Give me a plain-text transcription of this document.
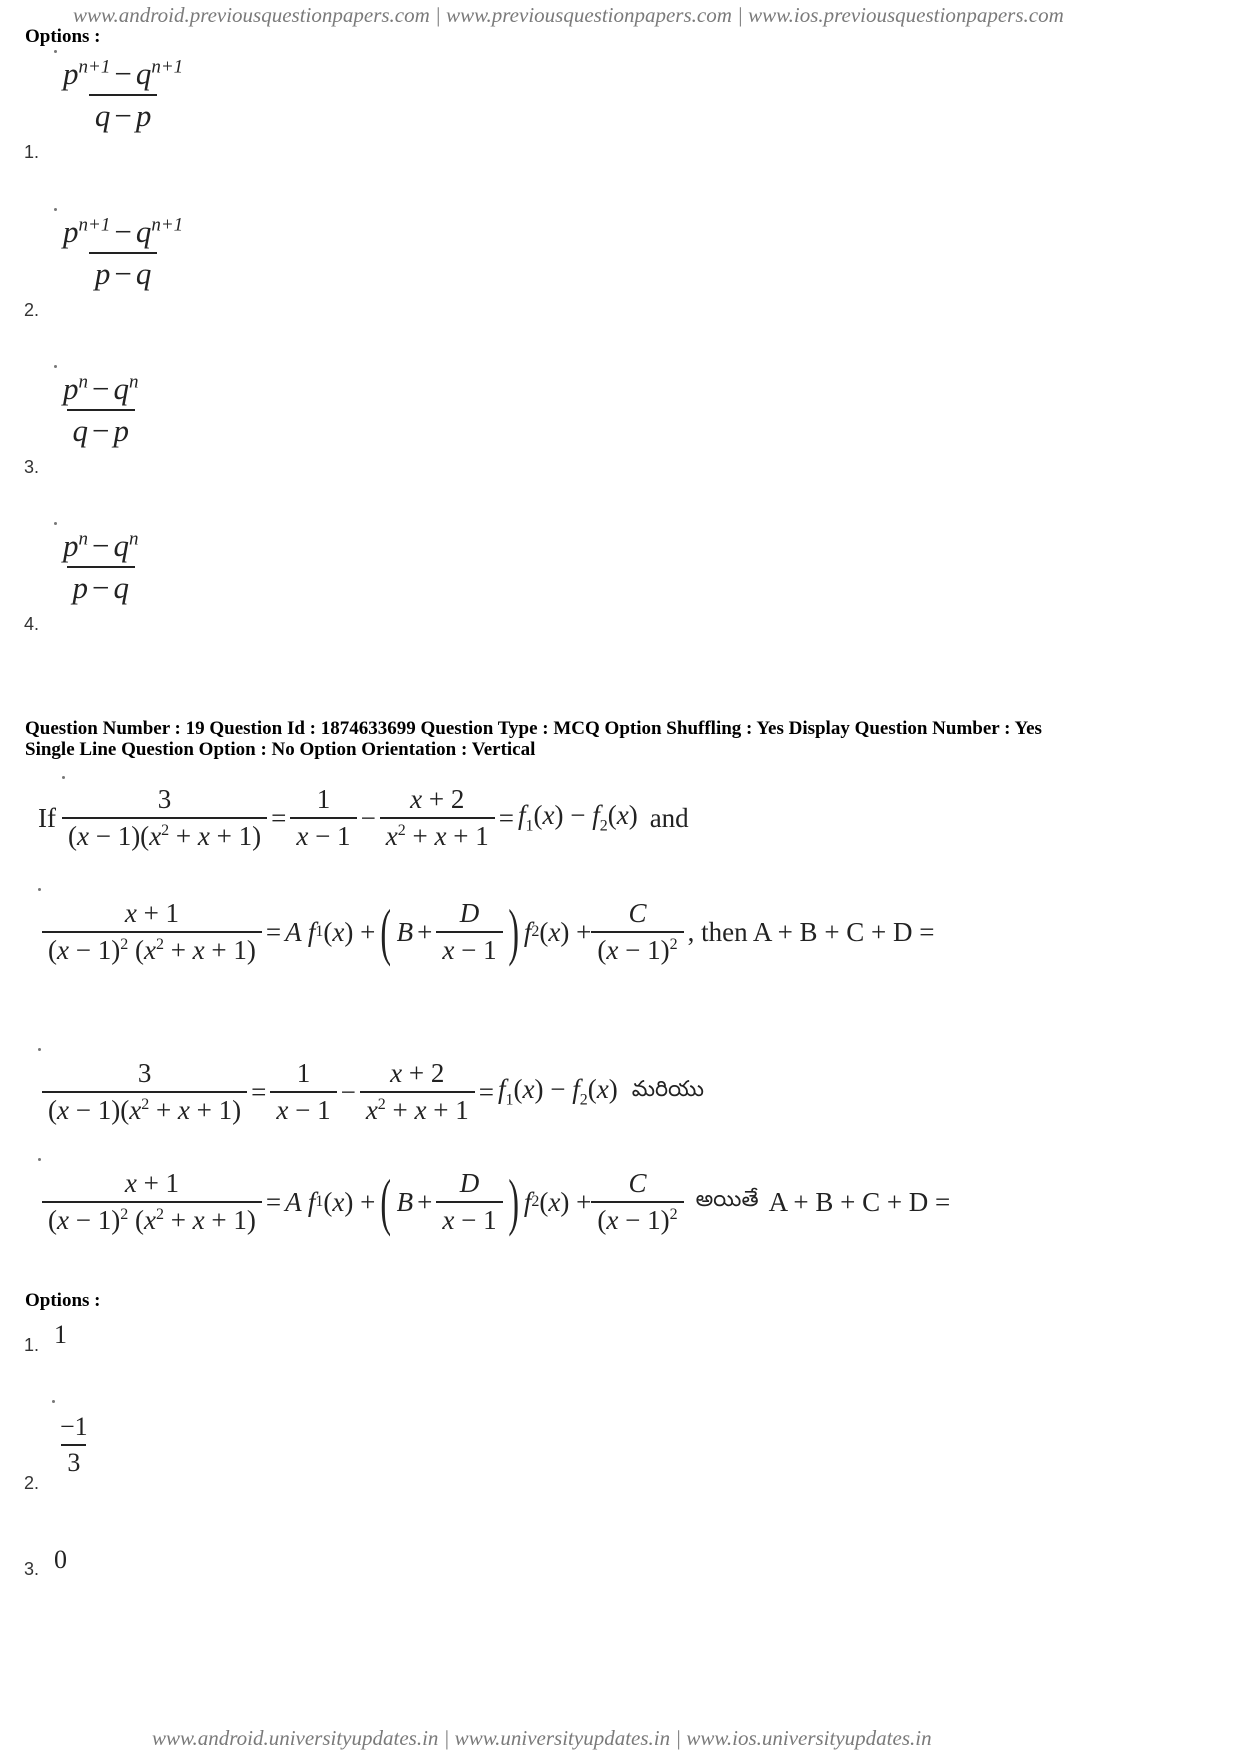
www.android.previousquestionpapers.com | www.previousquestionpapers.com | www.ios.previousquestionpapers.com
Options :
$\frac{p^{n+1} - q^{n+1}}{q - p}$
1.
$\frac{p^{n+1} - q^{n+1}}{p - q}$
2.
$\frac{p^n - q^n}{q - p}$
3.
$\frac{p^n - q^n}{p - q}$
4.
Question Number : 19 Question Id : 1874633699 Question Type : MCQ Option Shuffling : Yes Display Question Number : Yes
Single Line Question Option : No Option Orientation : Vertical
If $\frac{3}{(x - 1)(x^2 + x + 1)} = \frac{1}{x - 1} - \frac{x + 2}{x^2 + x + 1} = f_1(x) - f_2(x)$ and
$\frac{x + 1}{(x - 1)^2 (x^2 + x + 1)} = A$ f 1 ( x ) + ( $B + \frac{D}{x - 1}$ ) f 2 ( x ) + $\frac{C}{(x - 1)^2}$ , then A + B + C + D =
$\frac{3}{(x - 1)(x^2 + x + 1)} = \frac{1}{x - 1} - \frac{x + 2}{x^2 + x + 1} = f_1(x) - f_2(x)$ మరియు
$\frac{x + 1}{(x - 1)^2 (x^2 + x + 1)} = A$ f 1 ( x ) + ( $B + \frac{D}{x - 1}$ ) f 2 ( x ) + $\frac{C}{(x - 1)^2}$ అయితే A + B + C + D =
Options :
1
1.
$\frac{-1}{3}$
2.
0
3.
www.android.universityupdates.in | www.universityupdates.in | www.ios.universityupdates.in
